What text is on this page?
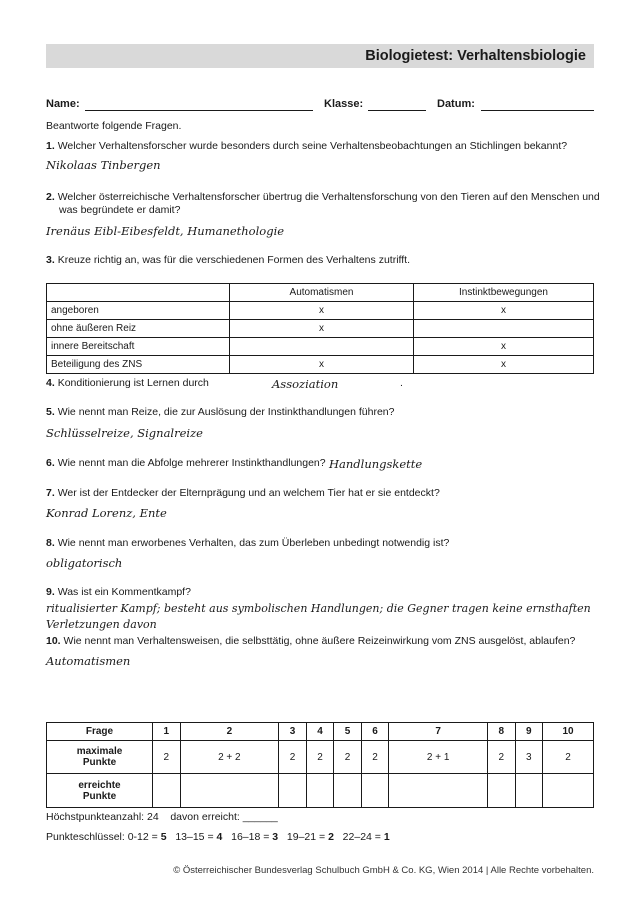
Biologietest: Verhaltensbiologie
Name:	Klasse:	Datum:
Beantworte folgende Fragen.
1. Welcher Verhaltensforscher wurde besonders durch seine Verhaltensbeobachtungen an Stichlingen bekannt?
Nikolaas Tinbergen
2. Welcher österreichische Verhaltensforscher übertrug die Verhaltensforschung von den Tieren auf den Menschen und
was begründete er damit?
Irenäus Eibl-Eibesfeldt, Humanethologie
3. Kreuze richtig an, was für die verschiedenen Formen des Verhaltens zutrifft.
	Automatismen	Instinktbewegungen
angeboren	x	x
ohne äußeren Reiz	x	
innere Bereitschaft		x
Beteiligung des ZNS	x	x
4. Konditionierung ist Lernen durch	Assoziation	.
5. Wie nennt man Reize, die zur Auslösung der Instinkthandlungen führen?
Schlüsselreize, Signalreize
6. Wie nennt man die Abfolge mehrerer Instinkthandlungen? Handlungskette
7. Wer ist der Entdecker der Elternprägung und an welchem Tier hat er sie entdeckt?
Konrad Lorenz, Ente
8. Wie nennt man erworbenes Verhalten, das zum Überleben unbedingt notwendig ist?
obligatorisch
9. Was ist ein Kommentkampf?
ritualisierter Kampf; besteht aus symbolischen Handlungen; die Gegner tragen keine ernsthaften
Verletzungen davon
10. Wie nennt man Verhaltensweisen, die selbsttätig, ohne äußere Reizeinwirkung vom ZNS ausgelöst, ablaufen?
Automatismen
Frage	1	2	3	4	5	6	7	8	9	10

maximale
Punkte	2	2 + 2	2	2	2	2	2 + 1	2	3	2

erreichte
Punkte										

Höchstpunkteanzahl: 24 davon erreicht: ______
Punkteschlüssel: 0-12 = 5 13–15 = 4 16–18 = 3 19–21 = 2 22–24 = 1
© Österreichischer Bundesverlag Schulbuch GmbH & Co. KG, Wien 2014 | Alle Rechte vorbehalten.
